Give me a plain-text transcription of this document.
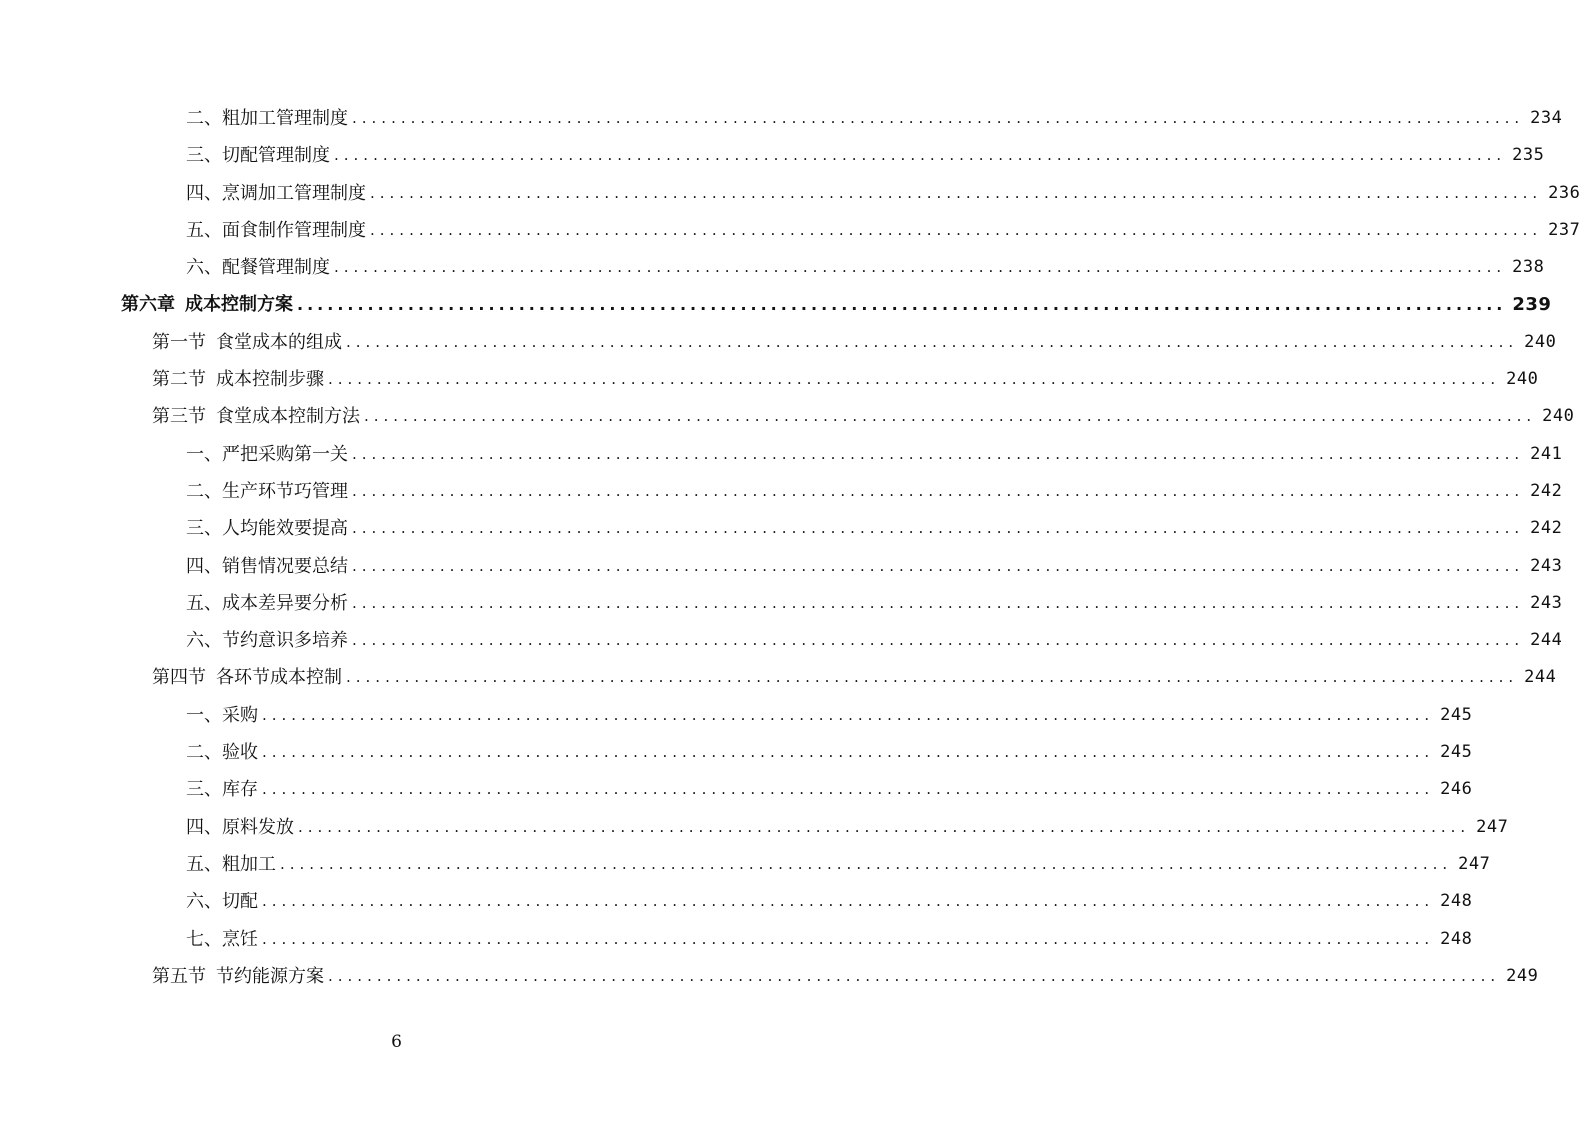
二、粗加工管理制度 ........................................................................................................................ 234
三、切配管理制度 ........................................................................................................................ 235
四、烹调加工管理制度 ........................................................................................................................ 236
五、面食制作管理制度 ........................................................................................................................ 237
六、配餐管理制度 ........................................................................................................................ 238
第六章 成本控制方案 ........................................................................................................................ 239
第一节 食堂成本的组成 ........................................................................................................................ 240
第二节 成本控制步骤 ........................................................................................................................ 240
第三节 食堂成本控制方法 ........................................................................................................................ 240
一、严把采购第一关 ........................................................................................................................ 241
二、生产环节巧管理 ........................................................................................................................ 242
三、人均能效要提高 ........................................................................................................................ 242
四、销售情况要总结 ........................................................................................................................ 243
五、成本差异要分析 ........................................................................................................................ 243
六、节约意识多培养 ........................................................................................................................ 244
第四节 各环节成本控制 ........................................................................................................................ 244
一、采购 ........................................................................................................................ 245
二、验收 ........................................................................................................................ 245
三、库存 ........................................................................................................................ 246
四、原料发放 ........................................................................................................................ 247
五、粗加工 ........................................................................................................................ 247
六、切配 ........................................................................................................................ 248
七、烹饪 ........................................................................................................................ 248
第五节 节约能源方案 ........................................................................................................................ 249
6
